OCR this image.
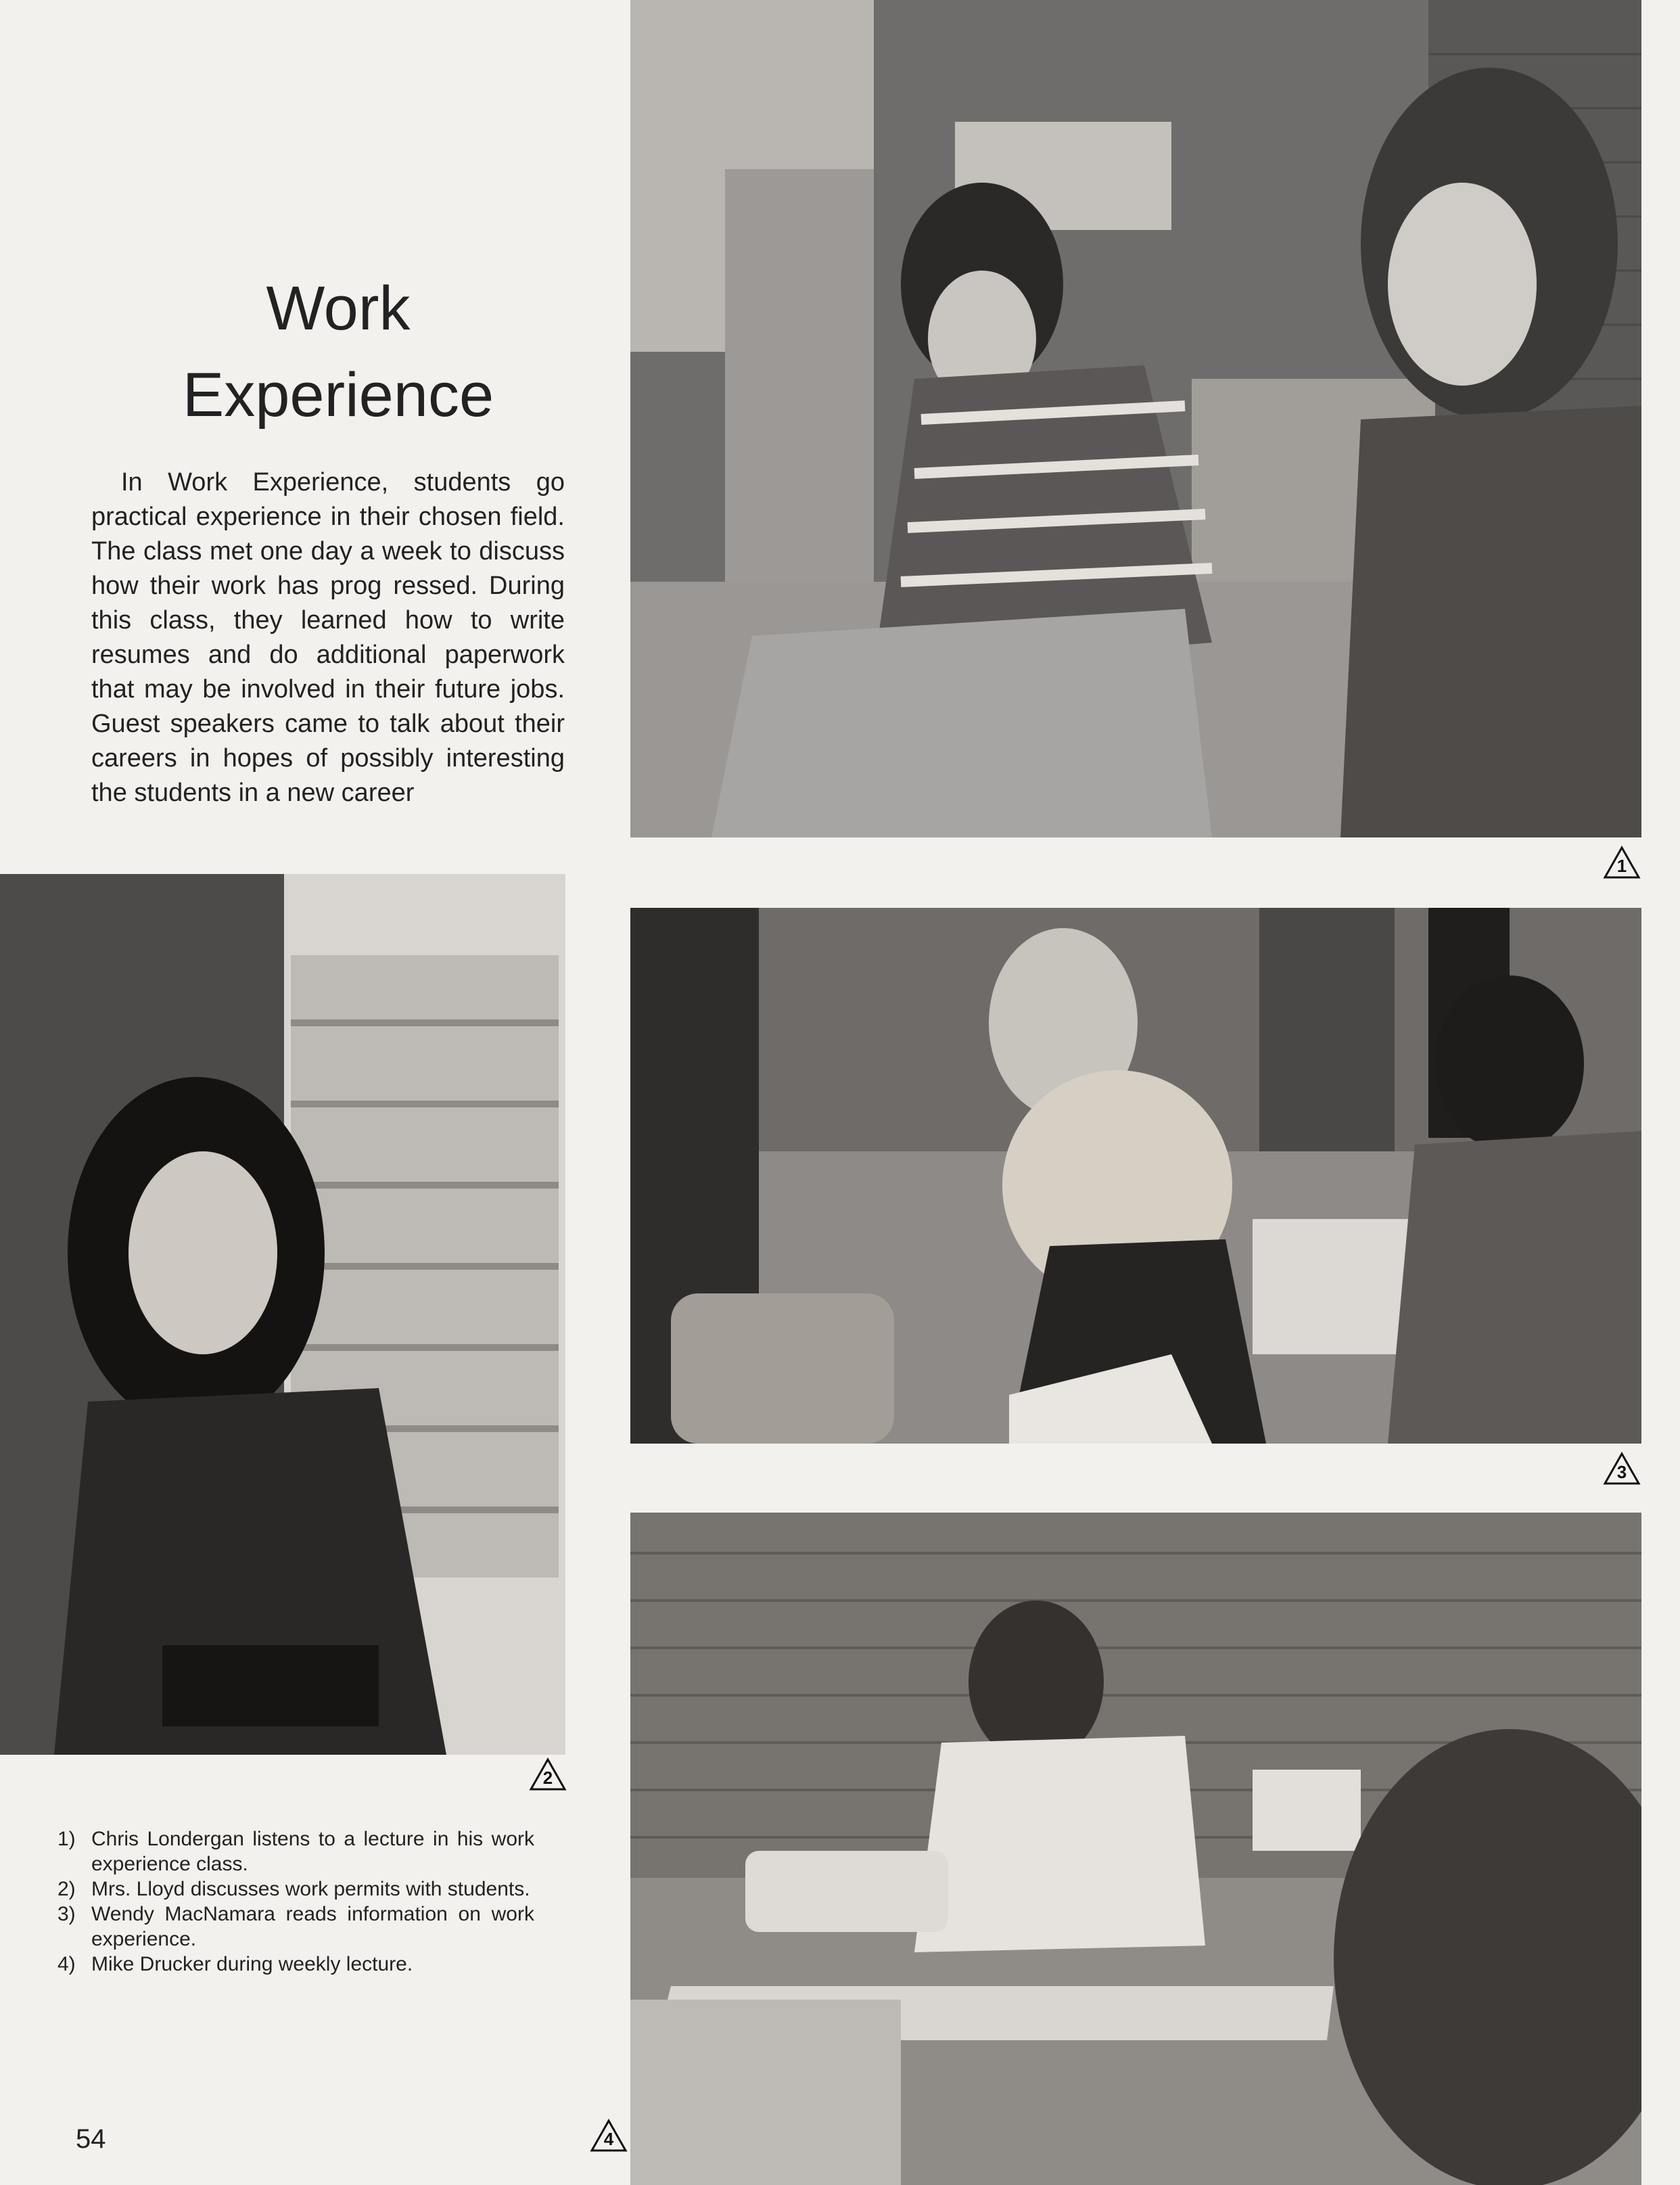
Work
Experience

In Work Experience, students go practical experience in their chosen field. The class met one day a week to discuss how their work has prog ressed. During this class, they learned how to write resumes and do additional paperwork that may be involved in their future jobs. Guest speakers came to talk about their careers in hopes of possibly interesting the students in a new career

1
2
3
4
1) Chris Londergan listens to a lecture in his work experience class.
2) Mrs. Lloyd discusses work permits with students.
3) Wendy MacNamara reads information on work experience.
4) Mike Drucker during weekly lecture.
54
